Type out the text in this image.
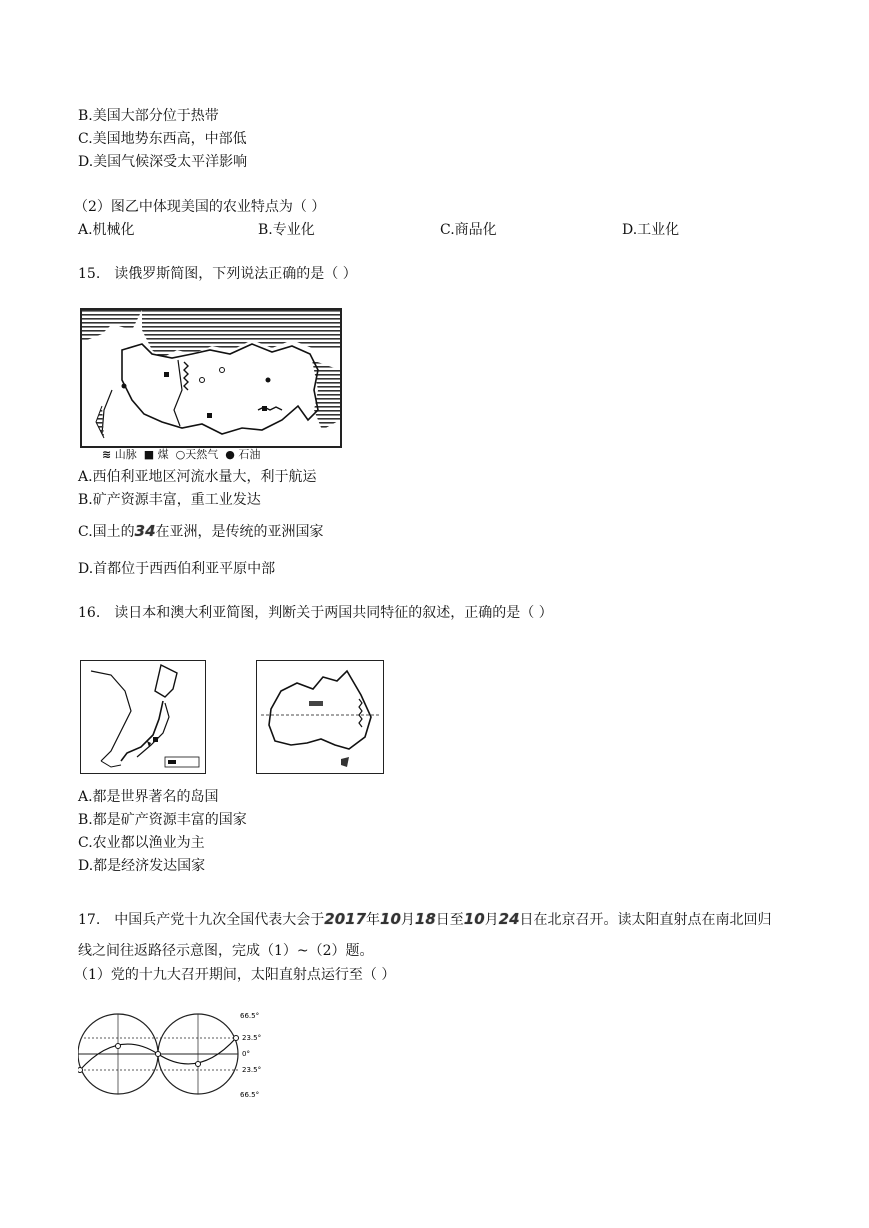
B.美国大部分位于热带
C.美国地势东西高，中部低
D.美国气候深受太平洋影响
（2）图乙中体现美国的农业特点为（ ）
A.机械化	B.专业化	C.商品化	D.工业化
15.　读俄罗斯简图，下列说法正确的是（ ）
≋ 山脉 ■ 煤 ○天然气 ● 石油
A.西伯利亚地区河流水量大，利于航运
B.矿产资源丰富，重工业发达
C.国土的34在亚洲，是传统的亚洲国家
D.首都位于西西伯利亚平原中部
16.　读日本和澳大利亚简图，判断关于两国共同特征的叙述，正确的是（ ）
A.都是世界著名的岛国
B.都是矿产资源丰富的国家
C.农业都以渔业为主
D.都是经济发达国家
17.　中国兵产党十九次全国代表大会于2017年10月18日至10月24日在北京召开。读太阳直射点在南北回归
线之间往返路径示意图，完成（1）~（2）题。
（1）党的十九大召开期间，太阳直射点运行至（ ）
66.5°
23.5°
0°
23.5°
66.5°
